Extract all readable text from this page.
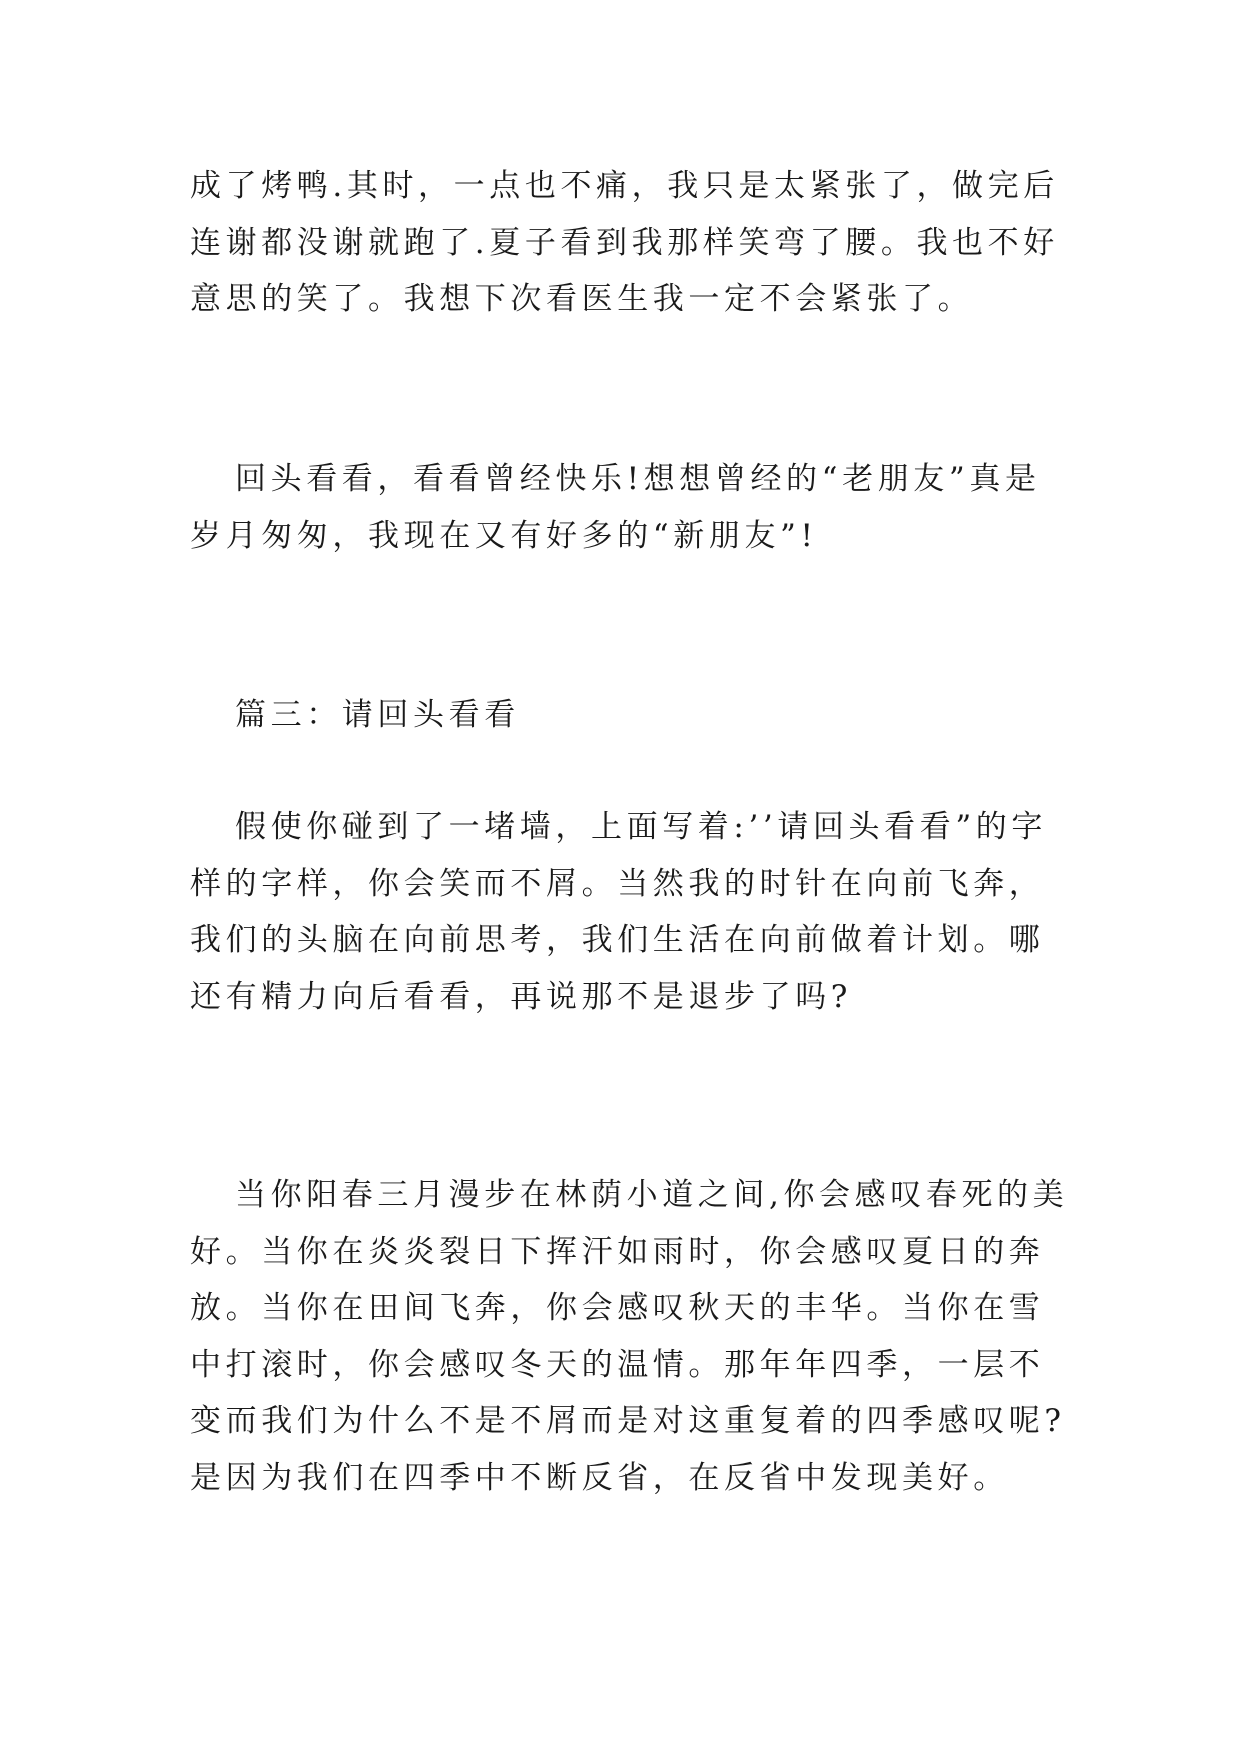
成了烤鸭.其时，一点也不痛，我只是太紧张了，做完后连谢都没谢就跑了.夏子看到我那样笑弯了腰。我也不好意思的笑了。我想下次看医生我一定不会紧张了。

回头看看，看看曾经快乐!想想曾经的“老朋友”真是岁月匆匆，我现在又有好多的“新朋友”!

篇三：请回头看看

假使你碰到了一堵墙，上面写着:’’请回头看看”的字样的字样，你会笑而不屑。当然我的时针在向前飞奔，我们的头脑在向前思考，我们生活在向前做着计划。哪还有精力向后看看，再说那不是退步了吗?

当你阳春三月漫步在林荫小道之间,你会感叹春死的美好。当你在炎炎裂日下挥汗如雨时，你会感叹夏日的奔放。当你在田间飞奔，你会感叹秋天的丰华。当你在雪中打滚时，你会感叹冬天的温情。那年年四季，一层不变而我们为什么不是不屑而是对这重复着的四季感叹呢?是因为我们在四季中不断反省，在反省中发现美好。
